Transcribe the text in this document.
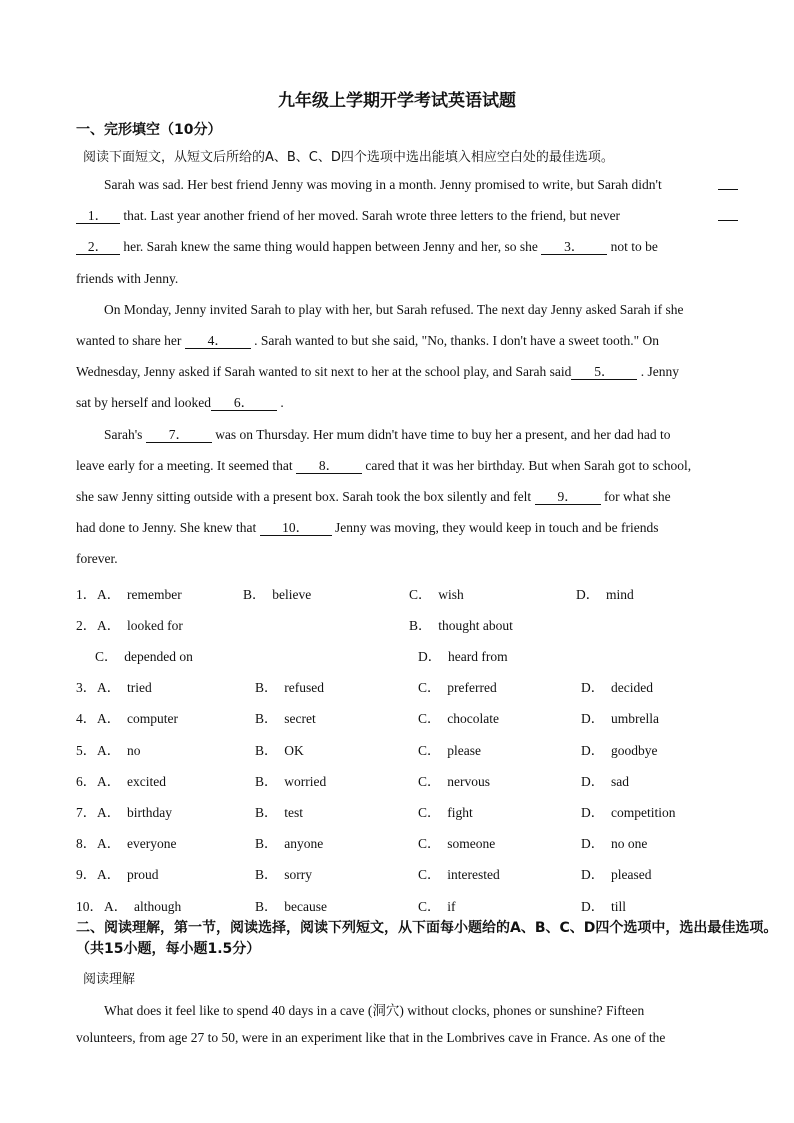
九年级上学期开学考试英语试题
一、完形填空（10分）
阅读下面短文，从短文后所给的A、B、C、D四个选项中选出能填入相应空白处的最佳选项。
Sarah was sad. Her best friend Jenny was moving in a month. Jenny promised to write, but Sarah didn't
1． that. Last year another friend of her moved. Sarah wrote three letters to the friend, but never
2． her. Sarah knew the same thing would happen between Jenny and her, so she 3． not to be
friends with Jenny.
On Monday, Jenny invited Sarah to play with her, but Sarah refused. The next day Jenny asked Sarah if she
wanted to share her 4． . Sarah wanted to but she said, "No, thanks. I don't have a sweet tooth." On
Wednesday, Jenny asked if Sarah wanted to sit next to her at the school play, and Sarah said 5． . Jenny
sat by herself and looked 6． .
Sarah's 7． was on Thursday. Her mum didn't have time to buy her a present, and her dad had to
leave early for a meeting. It seemed that 8． cared that it was her birthday. But when Sarah got to school,
she saw Jenny sitting outside with a present box. Sarah took the box silently and felt 9． for what she
had done to Jenny. She knew that 10． Jenny was moving, they would keep in touch and be friends
forever.
1． A．　remember	B．　believe	C．　wish	D．　mind
2． A．　looked for	B．　thought about
C．　depended on	D．　heard from
3． A．　tried	B．　refused	C．　preferred	D．　decided
4． A．　computer	B．　secret	C．　chocolate	D．　umbrella
5． A．　no	B．　OK	C．　please	D．　goodbye
6． A．　excited	B．　worried	C．　nervous	D．　sad
7． A．　birthday	B．　test	C．　fight	D．　competition
8． A．　everyone	B．　anyone	C．　someone	D．　no one
9． A．　proud	B．　sorry	C．　interested	D．　pleased
10． A．　although	B．　because	C．　if	D．　till
二、阅读理解，第一节，阅读选择，阅读下列短文，从下面每小题给的A、B、C、D四个选项中，选出最佳选项。（共15小题，每小题1.5分）
阅读理解
What does it feel like to spend 40 days in a cave (洞穴) without clocks, phones or sunshine? Fifteen
volunteers, from age 27 to 50, were in an experiment like that in the Lombrives cave in France. As one of the
